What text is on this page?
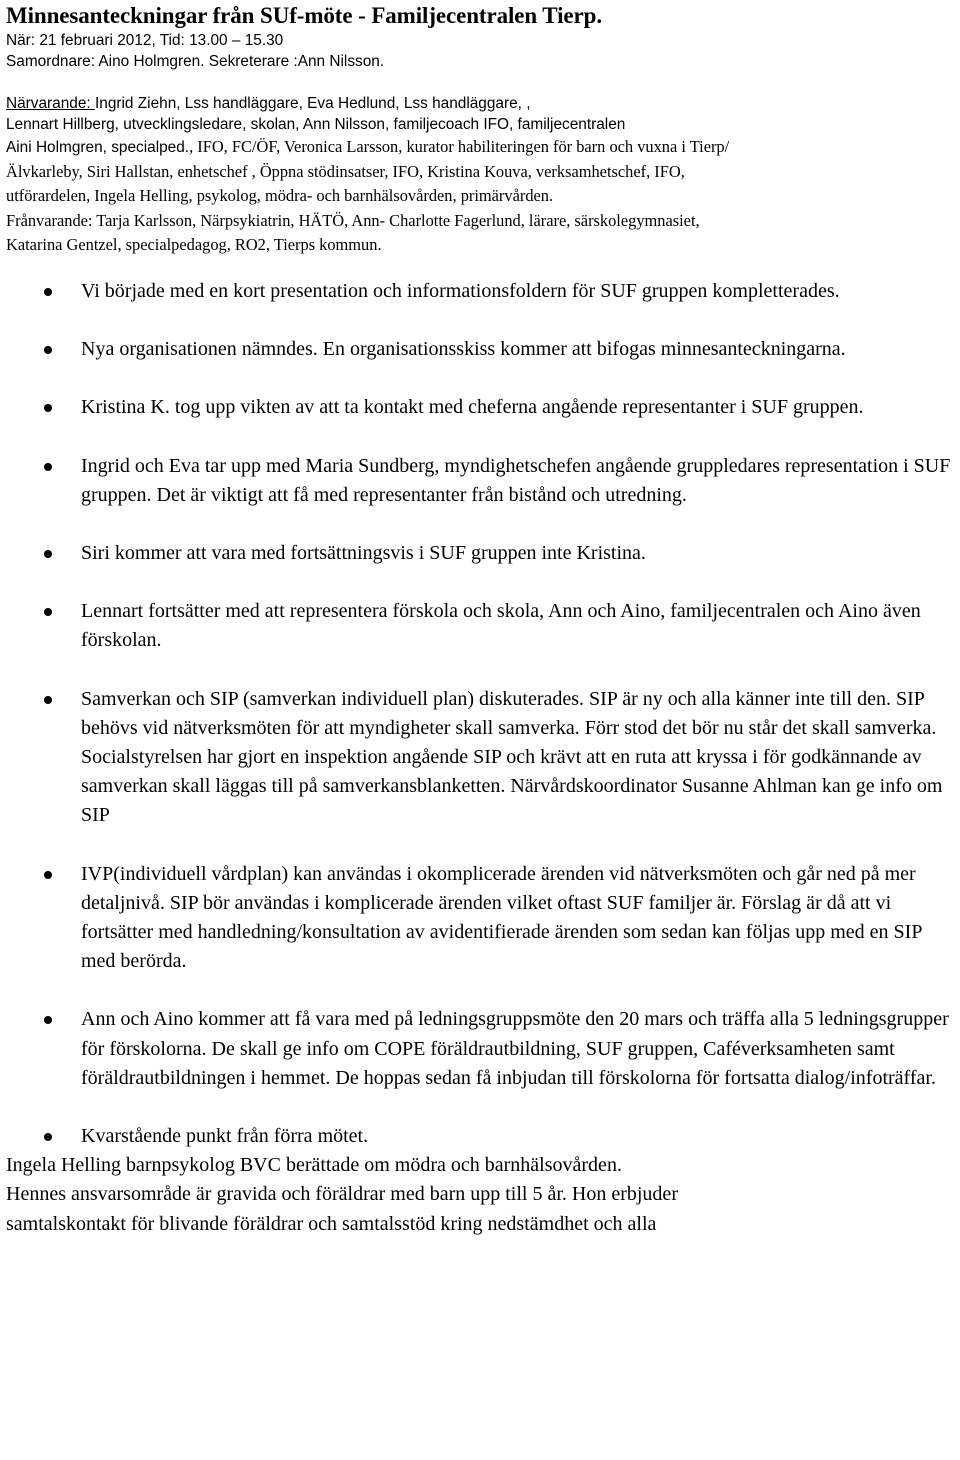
Minnesanteckningar från SUf-möte - Familjecentralen Tierp.
När: 21 februari 2012, Tid: 13.00 – 15.30
Samordnare: Aino Holmgren. Sekreterare :Ann Nilsson.
Närvarande: Ingrid Ziehn, Lss handläggare, Eva Hedlund, Lss handläggare, ,
Lennart Hillberg, utvecklingsledare, skolan, Ann Nilsson, familjecoach IFO, familjecentralen
Aini Holmgren, specialped., IFO, FC/ÖF, Veronica Larsson, kurator habiliteringen för barn och vuxna i Tierp/
Älvkarleby, Siri Hallstan, enhetschef , Öppna stödinsatser, IFO, Kristina Kouva, verksamhetschef, IFO,
utförardelen, Ingela Helling, psykolog, mödra- och barnhälsovården, primärvården.
Frånvarande: Tarja Karlsson, Närpsykiatrin, HÄTÖ, Ann- Charlotte Fagerlund, lärare, särskolegymnasiet,
Katarina Gentzel, specialpedagog, RO2, Tierps kommun.
Vi började med en kort presentation och informationsfoldern för SUF gruppen kompletterades.
Nya organisationen nämndes. En organisationsskiss kommer att bifogas minnesanteckningarna.
Kristina K. tog upp vikten av att ta kontakt med cheferna angående representanter i SUF gruppen.
Ingrid och Eva tar upp med Maria Sundberg, myndighetschefen angående gruppledares representation i SUF gruppen. Det är viktigt att få med representanter från bistånd och utredning.
Siri kommer att vara med fortsättningsvis i SUF gruppen inte Kristina.
Lennart fortsätter med att representera förskola och skola, Ann och Aino, familjecentralen och Aino även förskolan.
Samverkan och SIP (samverkan individuell plan) diskuterades. SIP är ny och alla känner inte till den. SIP behövs vid nätverksmöten för att myndigheter skall samverka. Förr stod det bör nu står det skall samverka. Socialstyrelsen har gjort en inspektion angående SIP och krävt att en ruta att kryssa i för godkännande av samverkan skall läggas till på samverkansblanketten. Närvårdskoordinator Susanne Ahlman kan ge info om SIP
IVP(individuell vårdplan) kan användas i okomplicerade ärenden vid nätverksmöten och går ned på mer detaljnivå. SIP bör användas i komplicerade ärenden vilket oftast SUF familjer är. Förslag är då att vi fortsätter med handledning/konsultation av avidentifierade ärenden som sedan kan följas upp med en SIP med berörda.
Ann och Aino kommer att få vara med på ledningsgruppsmöte den 20 mars och träffa alla 5 ledningsgrupper för förskolorna. De skall ge info om COPE föräldrautbildning, SUF gruppen, Caféverksamheten samt föräldrautbildningen i hemmet. De hoppas sedan få inbjudan till förskolorna för fortsatta dialog/infoträffar.
Kvarstående punkt från förra mötet.

Ingela Helling barnpsykolog BVC berättade om mödra och barnhälsovården.

Hennes ansvarsområde är gravida och föräldrar med barn upp till 5 år. Hon erbjuder

samtalskontakt för blivande föräldrar och samtalsstöd kring nedstämdhet och alla
